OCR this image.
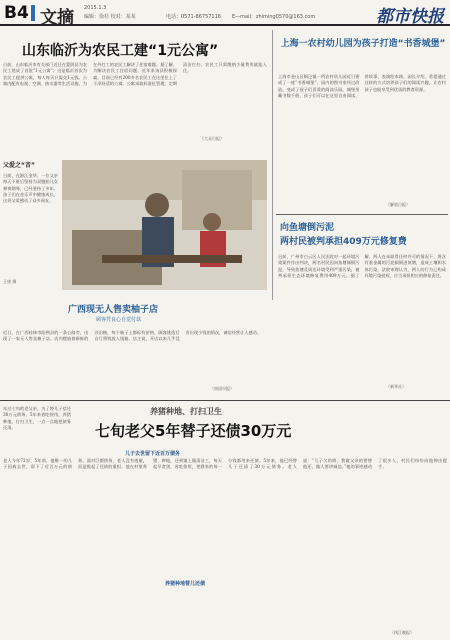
B4 文摘 2015.1.3
编辑：徐杉 校对：某某	电话：0571-86757116 E—mail：zhiming0570@163.com	都市快报
山东临沂为农民工建“1元公寓”
日前，山东临沂市有关部门近日在蒙阴县为农民工建成了首批“1元公寓”。这是临沂首次为农民工提供公寓，每人每天只需交1元钱。公寓内配有电视、空调、热水器等生活设施，为在外打工的农民工解决了住宿难题。据了解，为解决农民工住宿问题，近年来该县积极探索，目前已经有200多名农民工在这里住上了干净舒适的公寓。公寓采取标准化管理，定期清洁打扫，农民工只需缴纳少量费用就能入住。
（大众日报）
父爱之“音”
日前，在浙江金华，一位父亲每天下班后坚持为双胞胎儿女弹奏钢琴，已经坚持了多年。孩子们在音乐声中健康成长，这份父爱感动了众多网友。
王康 摄
上海一农村幼儿园为孩子打造“书香城堡”
上海市金山区枫泾镇一所农村幼儿园近日建成了一座“书香城堡”，园内的图书室经过改造，变成了孩子们喜爱的阅读乐园。城堡里藏书数千册，孩子们可以在这里自由阅读、讲故事、表演绘本剧。园长介绍，希望通过这样的方式培养孩子们的阅读兴趣，让农村孩子也能享受到优质的教育资源。
（解放日报）
向鱼塘倒污泥
两村民被判承担409万元修复费
日前，广州市白云区人民法院对一起环境污染案件作出判决，两名村民因向鱼塘倾倒污泥，导致鱼塘及周边环境受到严重污染，被判承担生态环境修复费用409万元。据了解，两人在未取得任何许可的情况下，将含有重金属的污泥倾倒进鱼塘，造成土壤和水体污染。法院审理认为，两人的行为已构成环境污染侵权，应当承担相应的修复责任。
（新华社）
广西现无人售卖柚子店
顾客凭良心自觉付款
近日，在广西桂林市阳朔县的一条公路旁，出现了一家无人售卖柚子店。店内摆放着新鲜的沙田柚，每个柚子上都标有价格，顾客挑选后自行将钱放入钱箱。店主说，开店以来几乎没有出现少钱的情况，诚信经营让人感动。
（南国早报）
养猪种地、打扫卫生
七旬老父5年替子还债30万元
年过七旬的老父亲，为了替儿子偿还30万元债务，5年来省吃俭用，养猪种地、打扫卫生，一点一点地把债务还清。
儿子去世留下近百万债务
养猪种地替儿还债
老人今年72岁，5年前，他唯一的儿子因病去世，留下了近百万元的债务。面对巨额债务，老人没有逃避，而是挑起了还债的重担。他在村里养猪、种地，还到镇上做清洁工，每天起早贪黑，省吃俭用，把挣来的每一分钱都用来还债。5年来，他已经替儿子还清了30万元债务。老人说：“儿子欠的债，我做父亲的要替他还，做人要讲诚信。”他的事迹感动了很多人，村民们纷纷向他伸出援手。
（钱江晚报）
